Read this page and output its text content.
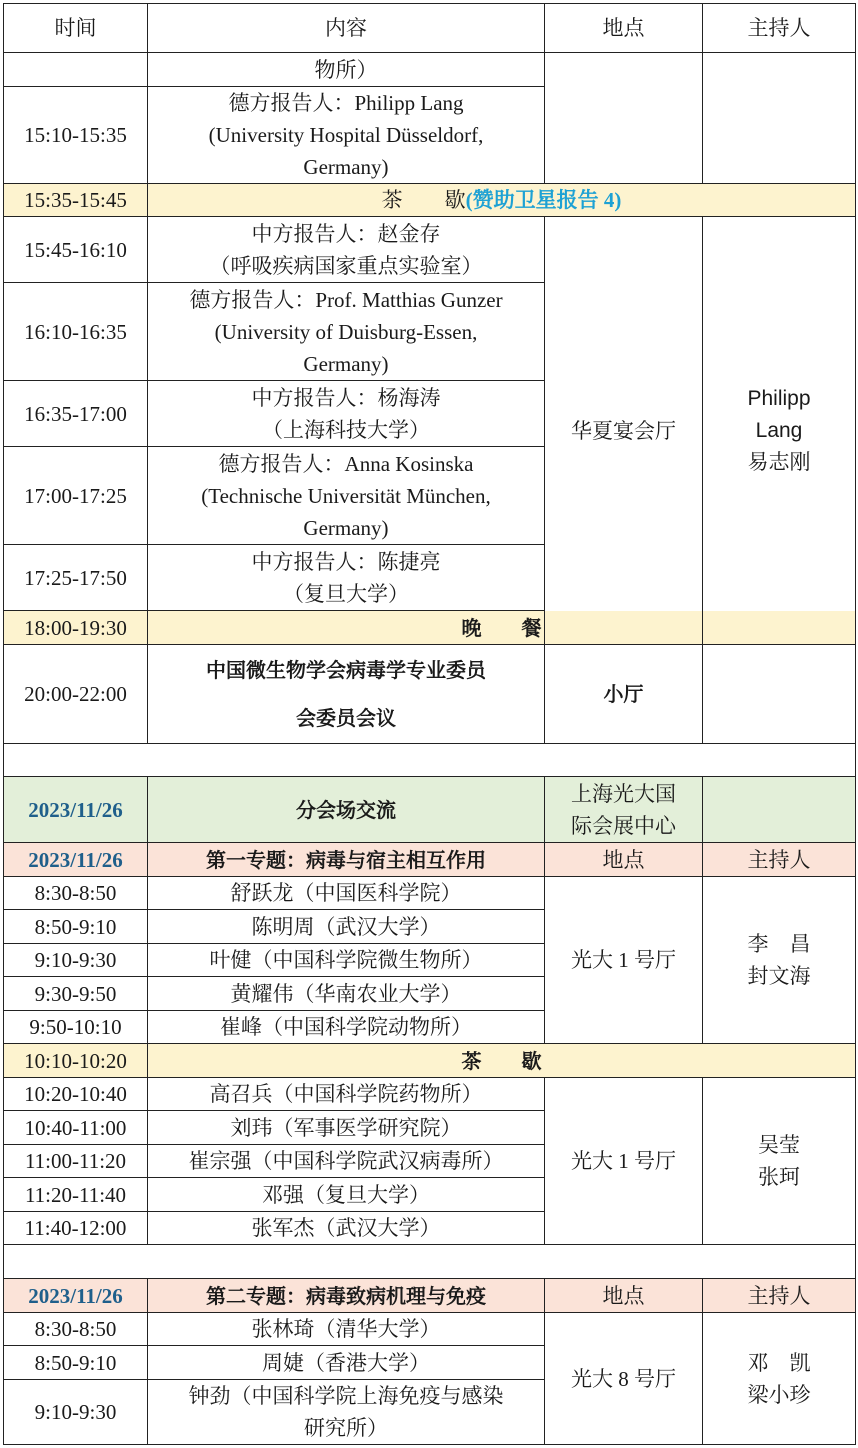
时间	内容	地点	主持人
	物所）		
15:10-15:35	德方报告人：Philipp Lang
(University Hospital Düsseldorf,
Germany)		

15:35-15:45	茶　　歇(赞助卫星报告 4)		
15:45-16:10	中方报告人：赵金存
（呼吸疾病国家重点实验室）	华夏宴会厅	Philipp
Lang
易志刚

16:10-16:35	德方报告人：Prof. Matthias Gunzer
(University of Duisburg-Essen,
Germany)		

16:35-17:00	中方报告人：杨海涛
（上海科技大学）		

17:00-17:25	德方报告人：Anna Kosinska
(Technische Universität München,
Germany)		

17:25-17:50	中方报告人：陈捷亮
（复旦大学）		

18:00-19:30	晚　　餐		
20:00-22:00	中国微生物学会病毒学专业委员
会委员会议	小厅	

2023/11/26	分会场交流	上海光大国
际会展中心	

2023/11/26	第一专题：病毒与宿主相互作用	地点	主持人
8:30-8:50	舒跃龙（中国医科学院）	光大 1 号厅	李　昌
封文海

8:50-9:10	陈明周（武汉大学）		
9:10-9:30	叶健（中国科学院微生物所）		
9:30-9:50	黄耀伟（华南农业大学）		
9:50-10:10	崔峰（中国科学院动物所）		
10:10-10:20	茶　　歇		
10:20-10:40	高召兵（中国科学院药物所）	光大 1 号厅	吴莹
张珂

10:40-11:00	刘玮（军事医学研究院）		
11:00-11:20	崔宗强（中国科学院武汉病毒所）		
11:20-11:40	邓强（复旦大学）		
11:40-12:00	张军杰（武汉大学）		

2023/11/26	第二专题：病毒致病机理与免疫	地点	主持人
8:30-8:50	张林琦（清华大学）	光大 8 号厅	邓　凯
梁小珍

8:50-9:10	周婕（香港大学）		
9:10-9:30	钟劲（中国科学院上海免疫与感染
研究所）		
